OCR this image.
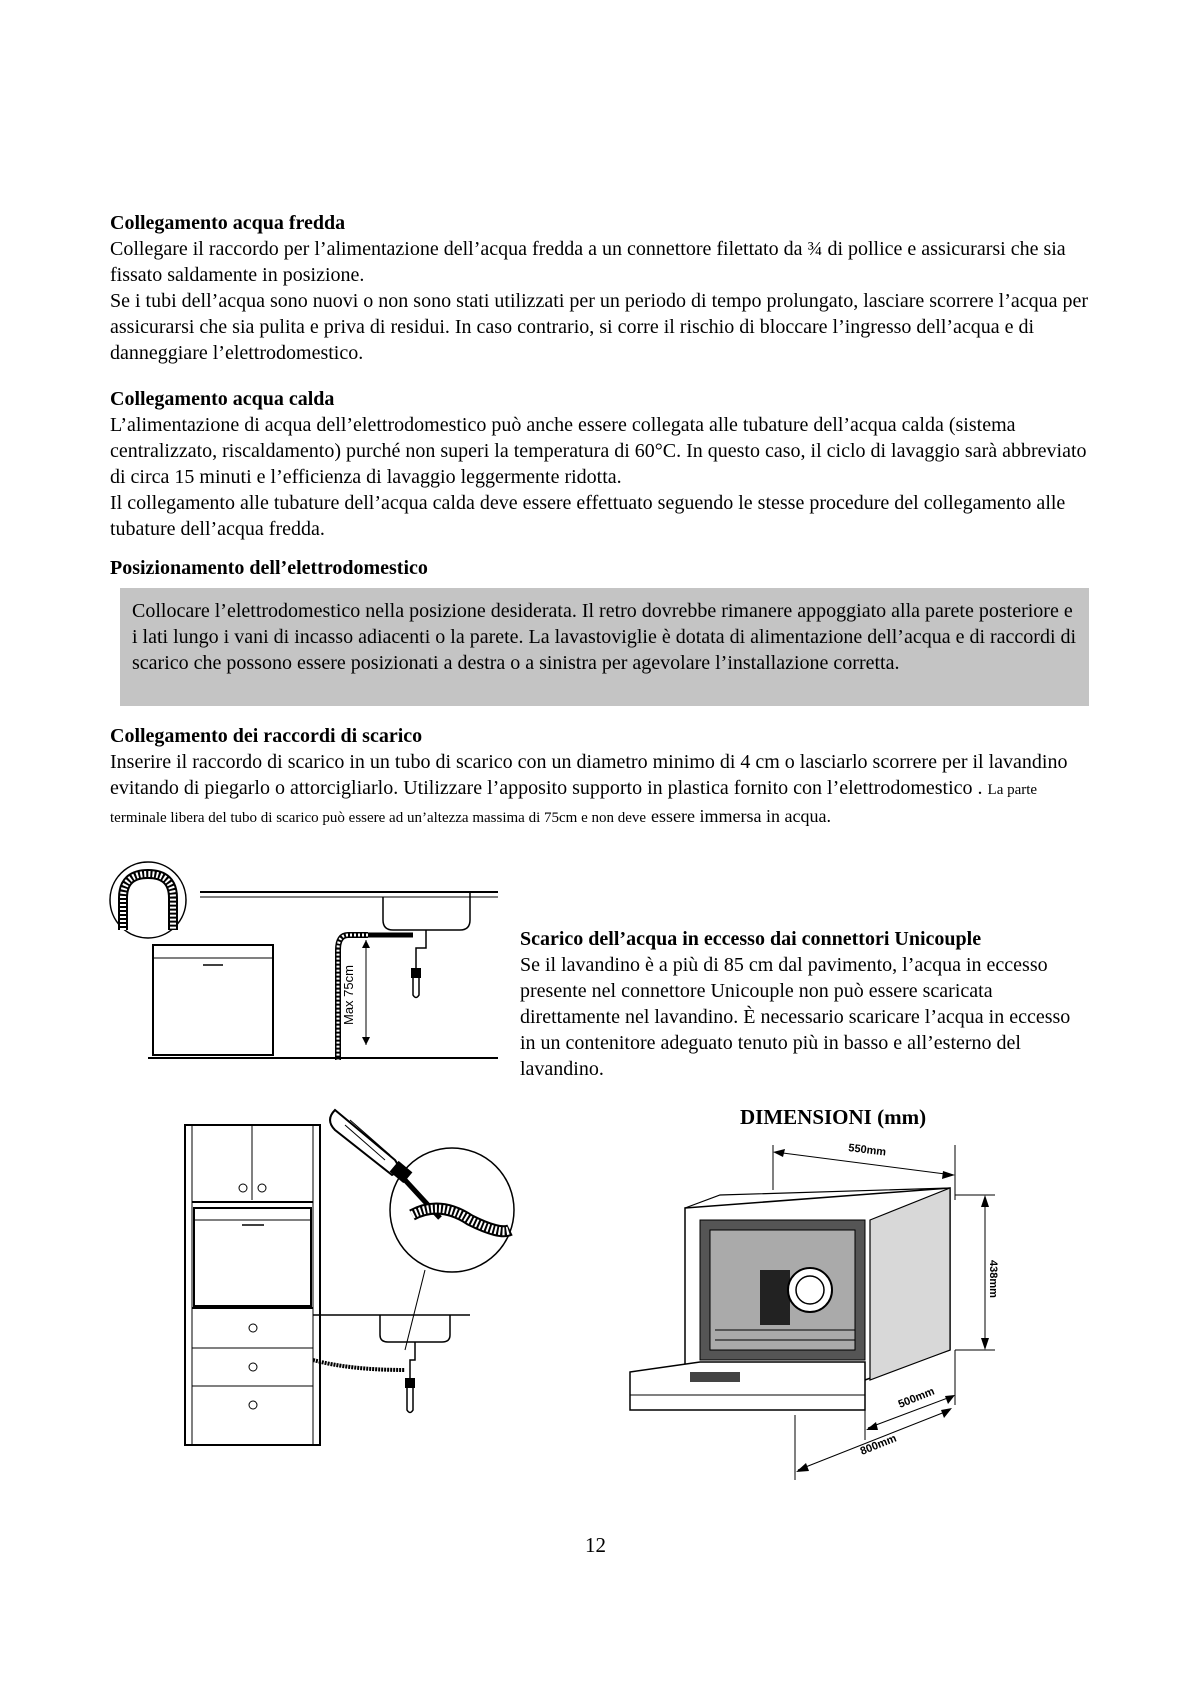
Collegamento acqua fredda

Collegare il raccordo per l’alimentazione dell’acqua fredda a un connettore filettato da ¾ di pollice e assicurarsi che sia fissato saldamente in posizione.

Se i tubi dell’acqua sono nuovi o non sono stati utilizzati per un periodo di tempo prolungato, lasciare scorrere l’acqua per assicurarsi che sia pulita e priva di residui. In caso contrario, si corre il rischio di bloccare l’ingresso dell’acqua e di danneggiare l’elettrodomestico.

Collegamento acqua calda

L’alimentazione di acqua dell’elettrodomestico può anche essere collegata alle tubature dell’acqua calda (sistema centralizzato, riscaldamento) purché non superi la temperatura di 60°C. In questo caso, il ciclo di lavaggio sarà abbreviato di circa 15 minuti e l’efficienza di lavaggio leggermente ridotta.

Il collegamento alle tubature dell’acqua calda deve essere effettuato seguendo le stesse procedure del collegamento alle tubature dell’acqua fredda.

Posizionamento dell’elettrodomestico

Collocare l’elettrodomestico nella posizione desiderata. Il retro dovrebbe rimanere appoggiato alla parete posteriore e i lati lungo i vani di incasso adiacenti o la parete. La lavastoviglie è dotata di alimentazione dell’acqua e di raccordi di scarico che possono essere posizionati a destra o a sinistra per agevolare l’installazione corretta.

Collegamento dei raccordi di scarico

Inserire il raccordo di scarico in un tubo di scarico con un diametro minimo di 4 cm o lasciarlo scorrere per il lavandino evitando di piegarlo o attorcigliarlo. Utilizzare l’apposito supporto in plastica fornito con l’elettrodomestico . La parte terminale libera del tubo di scarico può essere ad un’altezza massima di 75cm e non deve essere immersa in acqua.

Max 75cm

Scarico dell’acqua in eccesso dai connettori Unicouple

Se il lavandino è a più di 85 cm dal pavimento, l’acqua in eccesso presente nel connettore Unicouple non può essere scaricata direttamente nel lavandino. È necessario scaricare l’acqua in eccesso in un contenitore adeguato tenuto più in basso e all’esterno del lavandino.

DIMENSIONI (mm)
550mm
438mm
500mm
800mm
12
